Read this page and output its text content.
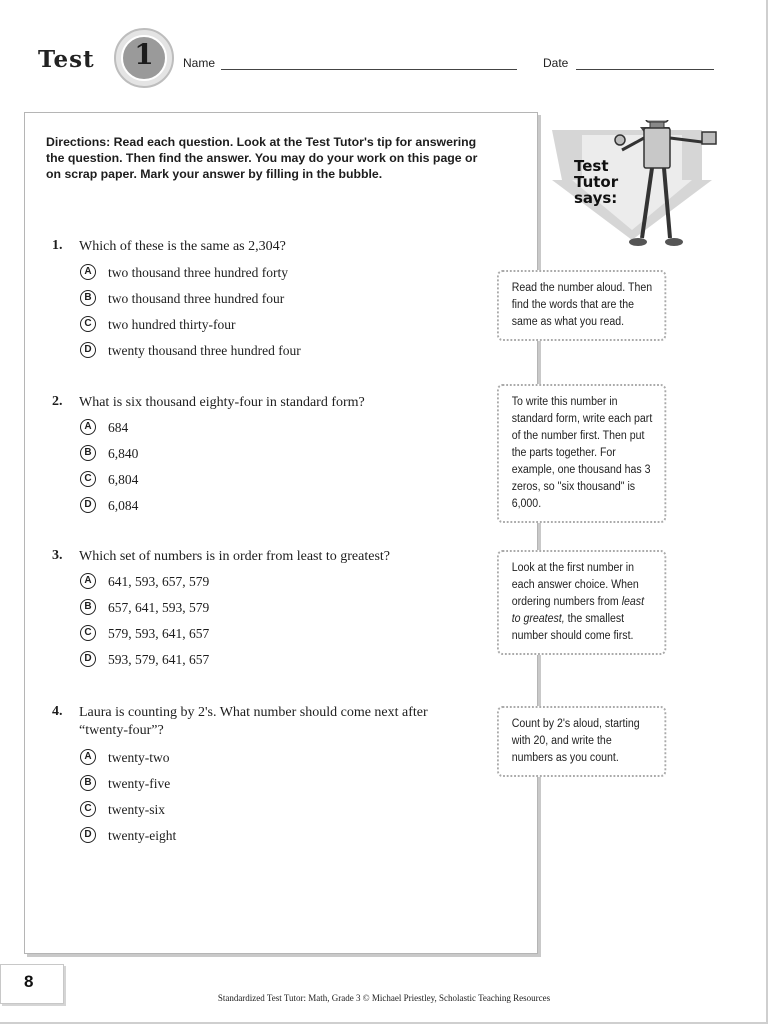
Test	1	Name	Date
Directions: Read each question. Look at the Test Tutor's tip for answering the question. Then find the answer. You may do your work on this page or on scrap paper. Mark your answer by filling in the bubble.	Test
Tutor
says:
1. Which of these is the same as 2,304?
A	two thousand three hundred forty
B	two thousand three hundred four
C	two hundred thirty-four
D	twenty thousand three hundred four
Read the number aloud. Then find the words that are the same as what you read.
2. What is six thousand eighty-four in standard form?
A	684
B	6,840
C	6,804
D	6,084
To write this number in standard form, write each part of the number first. Then put the parts together. For example, one thousand has 3 zeros, so "six thousand" is 6,000.
3. Which set of numbers is in order from least to greatest?
A	641, 593, 657, 579
B	657, 641, 593, 579
C	579, 593, 641, 657
D	593, 579, 641, 657
Look at the first number in each answer choice. When ordering numbers from least to greatest, the smallest number should come first.
4. Laura is counting by 2's. What number should come next after “twenty-four”?
A	twenty-two
B	twenty-five
C	twenty-six
D	twenty-eight
Count by 2's aloud, starting with 20, and write the numbers as you count.
8
Standardized Test Tutor: Math, Grade 3 © Michael Priestley, Scholastic Teaching Resources
